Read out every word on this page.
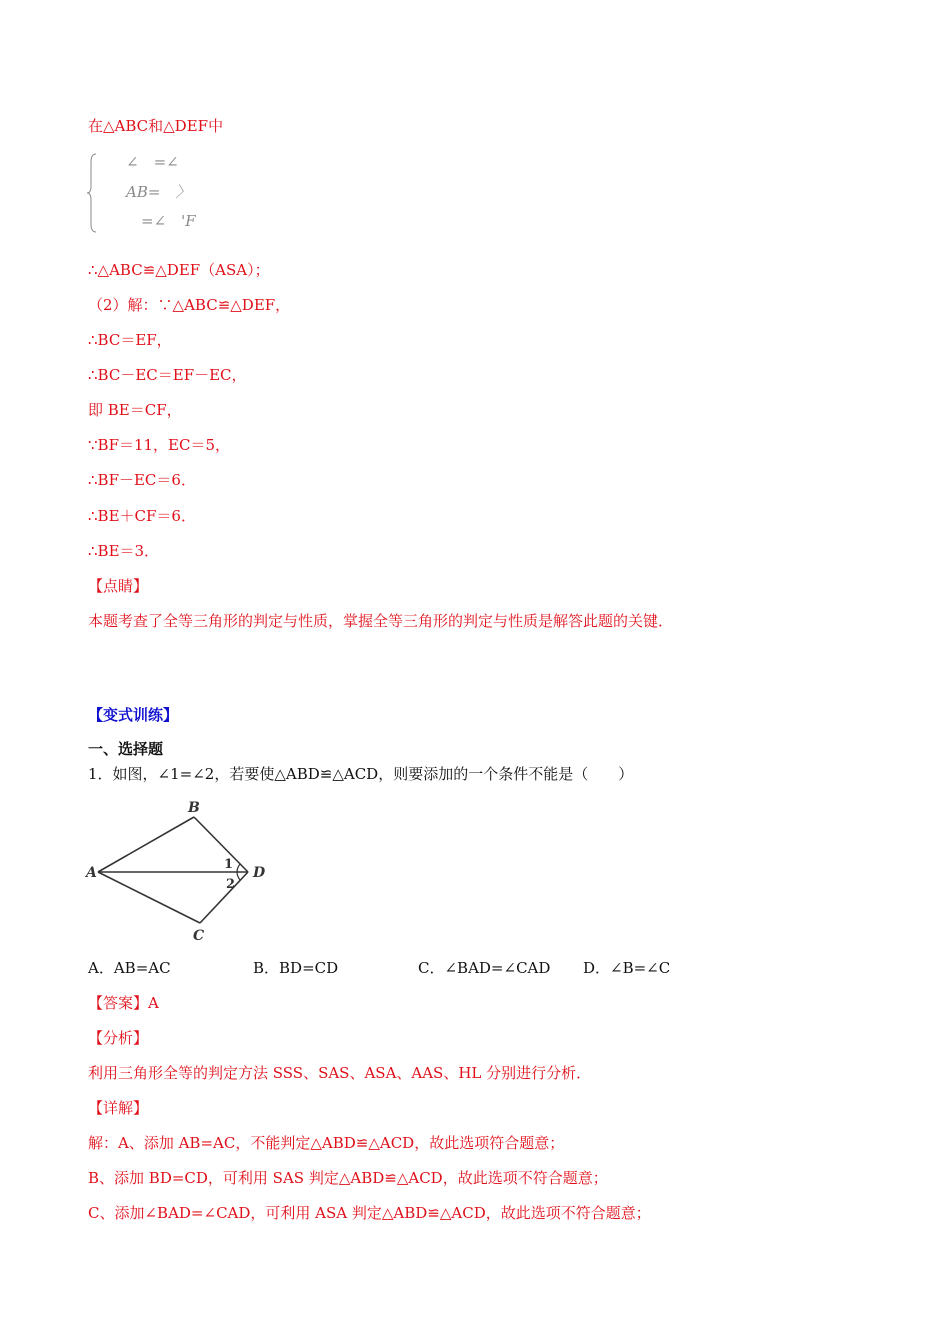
在△ABC和△DEF中
∠　=∠
AB=　〉
　=∠　'F
∴△ABC≌△DEF（ASA）；
（2）解：∵△ABC≌△DEF，
∴BC＝EF，
∴BC－EC＝EF－EC，
即 BE＝CF，
∵BF＝11，EC＝5，
∴BF－EC＝6．
∴BE＋CF＝6．
∴BE＝3．
【点睛】
本题考查了全等三角形的判定与性质，掌握全等三角形的判定与性质是解答此题的关键．
【变式训练】
一、选择题
1．如图，∠1=∠2，若要使△ABD≌△ACD，则要添加的一个条件不能是（　　）
B
A	D
C
1
2
A．AB=AC	B．BD=CD	C．∠BAD=∠CAD D．∠B=∠C
【答案】A
【分析】
利用三角形全等的判定方法 SSS、SAS、ASA、AAS、HL 分别进行分析．
【详解】
解：A、添加 AB=AC，不能判定△ABD≌△ACD，故此选项符合题意；
B、添加 BD=CD，可利用 SAS 判定△ABD≌△ACD，故此选项不符合题意；
C、添加∠BAD=∠CAD，可利用 ASA 判定△ABD≌△ACD，故此选项不符合题意；
